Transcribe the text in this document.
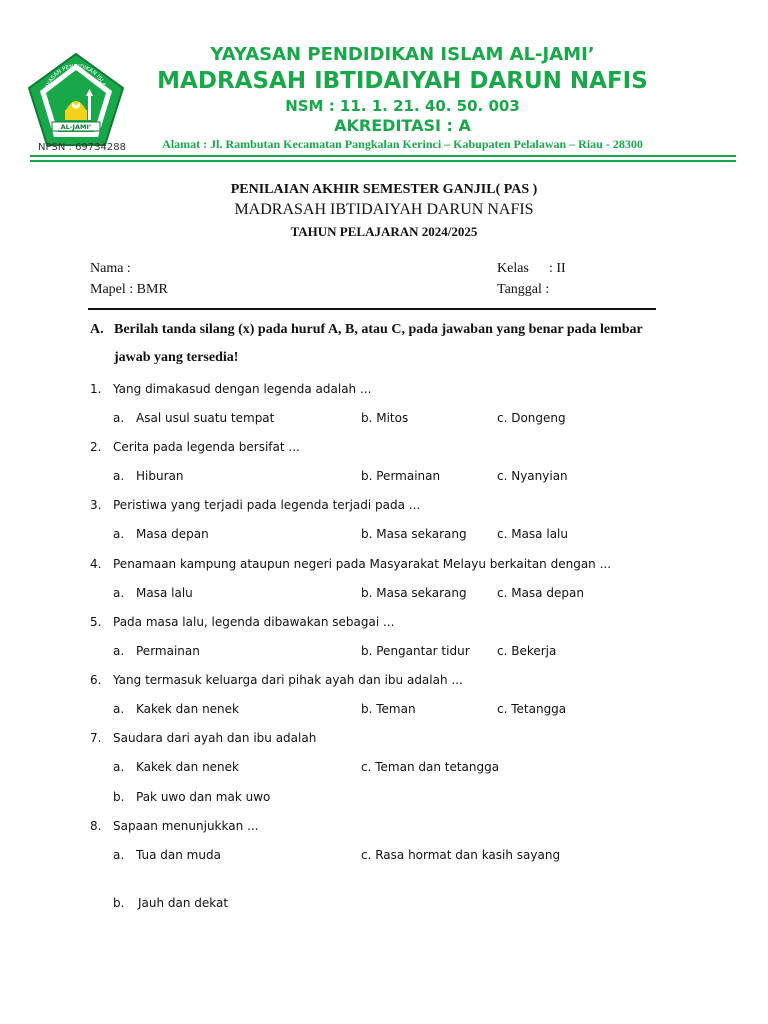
AL-JAMI’
YAYASAN PENDIDIKAN ISLAM
NPSN : 69734288
YAYASAN PENDIDIKAN ISLAM AL-JAMI’
MADRASAH IBTIDAIYAH DARUN NAFIS
NSM : 11. 1. 21. 40. 50. 003
AKREDITASI : A
Alamat : Jl. Rambutan Kecamatan Pangkalan Kerinci – Kabupaten Pelalawan – Riau - 28300
PENILAIAN AKHIR SEMESTER GANJIL( PAS )
MADRASAH IBTIDAIYAH DARUN NAFIS
TAHUN PELAJARAN 2024/2025
Nama :
Mapel : BMR
Kelas : II
Tanggal :
A. Berilah tanda silang (x) pada huruf A, B, atau C, pada jawaban yang benar pada lembar jawab yang tersedia!
1. Yang dimakasud dengan legenda adalah ...
a. Asal usul suatu tempat	b. Mitos	c. Dongeng
2. Cerita pada legenda bersifat ...
a. Hiburan	b. Permainan	c. Nyanyian
3. Peristiwa yang terjadi pada legenda terjadi pada ...
a. Masa depan	b. Masa sekarang	c. Masa lalu
4. Penamaan kampung ataupun negeri pada Masyarakat Melayu berkaitan dengan ...
a. Masa lalu	b. Masa sekarang	c. Masa depan
5. Pada masa lalu, legenda dibawakan sebagai ...
a. Permainan	b. Pengantar tidur c. Bekerja
6. Yang termasuk keluarga dari pihak ayah dan ibu adalah ...
a. Kakek dan nenek	b. Teman	c. Tetangga
7. Saudara dari ayah dan ibu adalah
a. Kakek dan nenek	c. Teman dan tetangga
b. Pak uwo dan mak uwo
8. Sapaan menunjukkan ...
a. Tua dan muda	c. Rasa hormat dan kasih sayang
b. Jauh dan dekat
